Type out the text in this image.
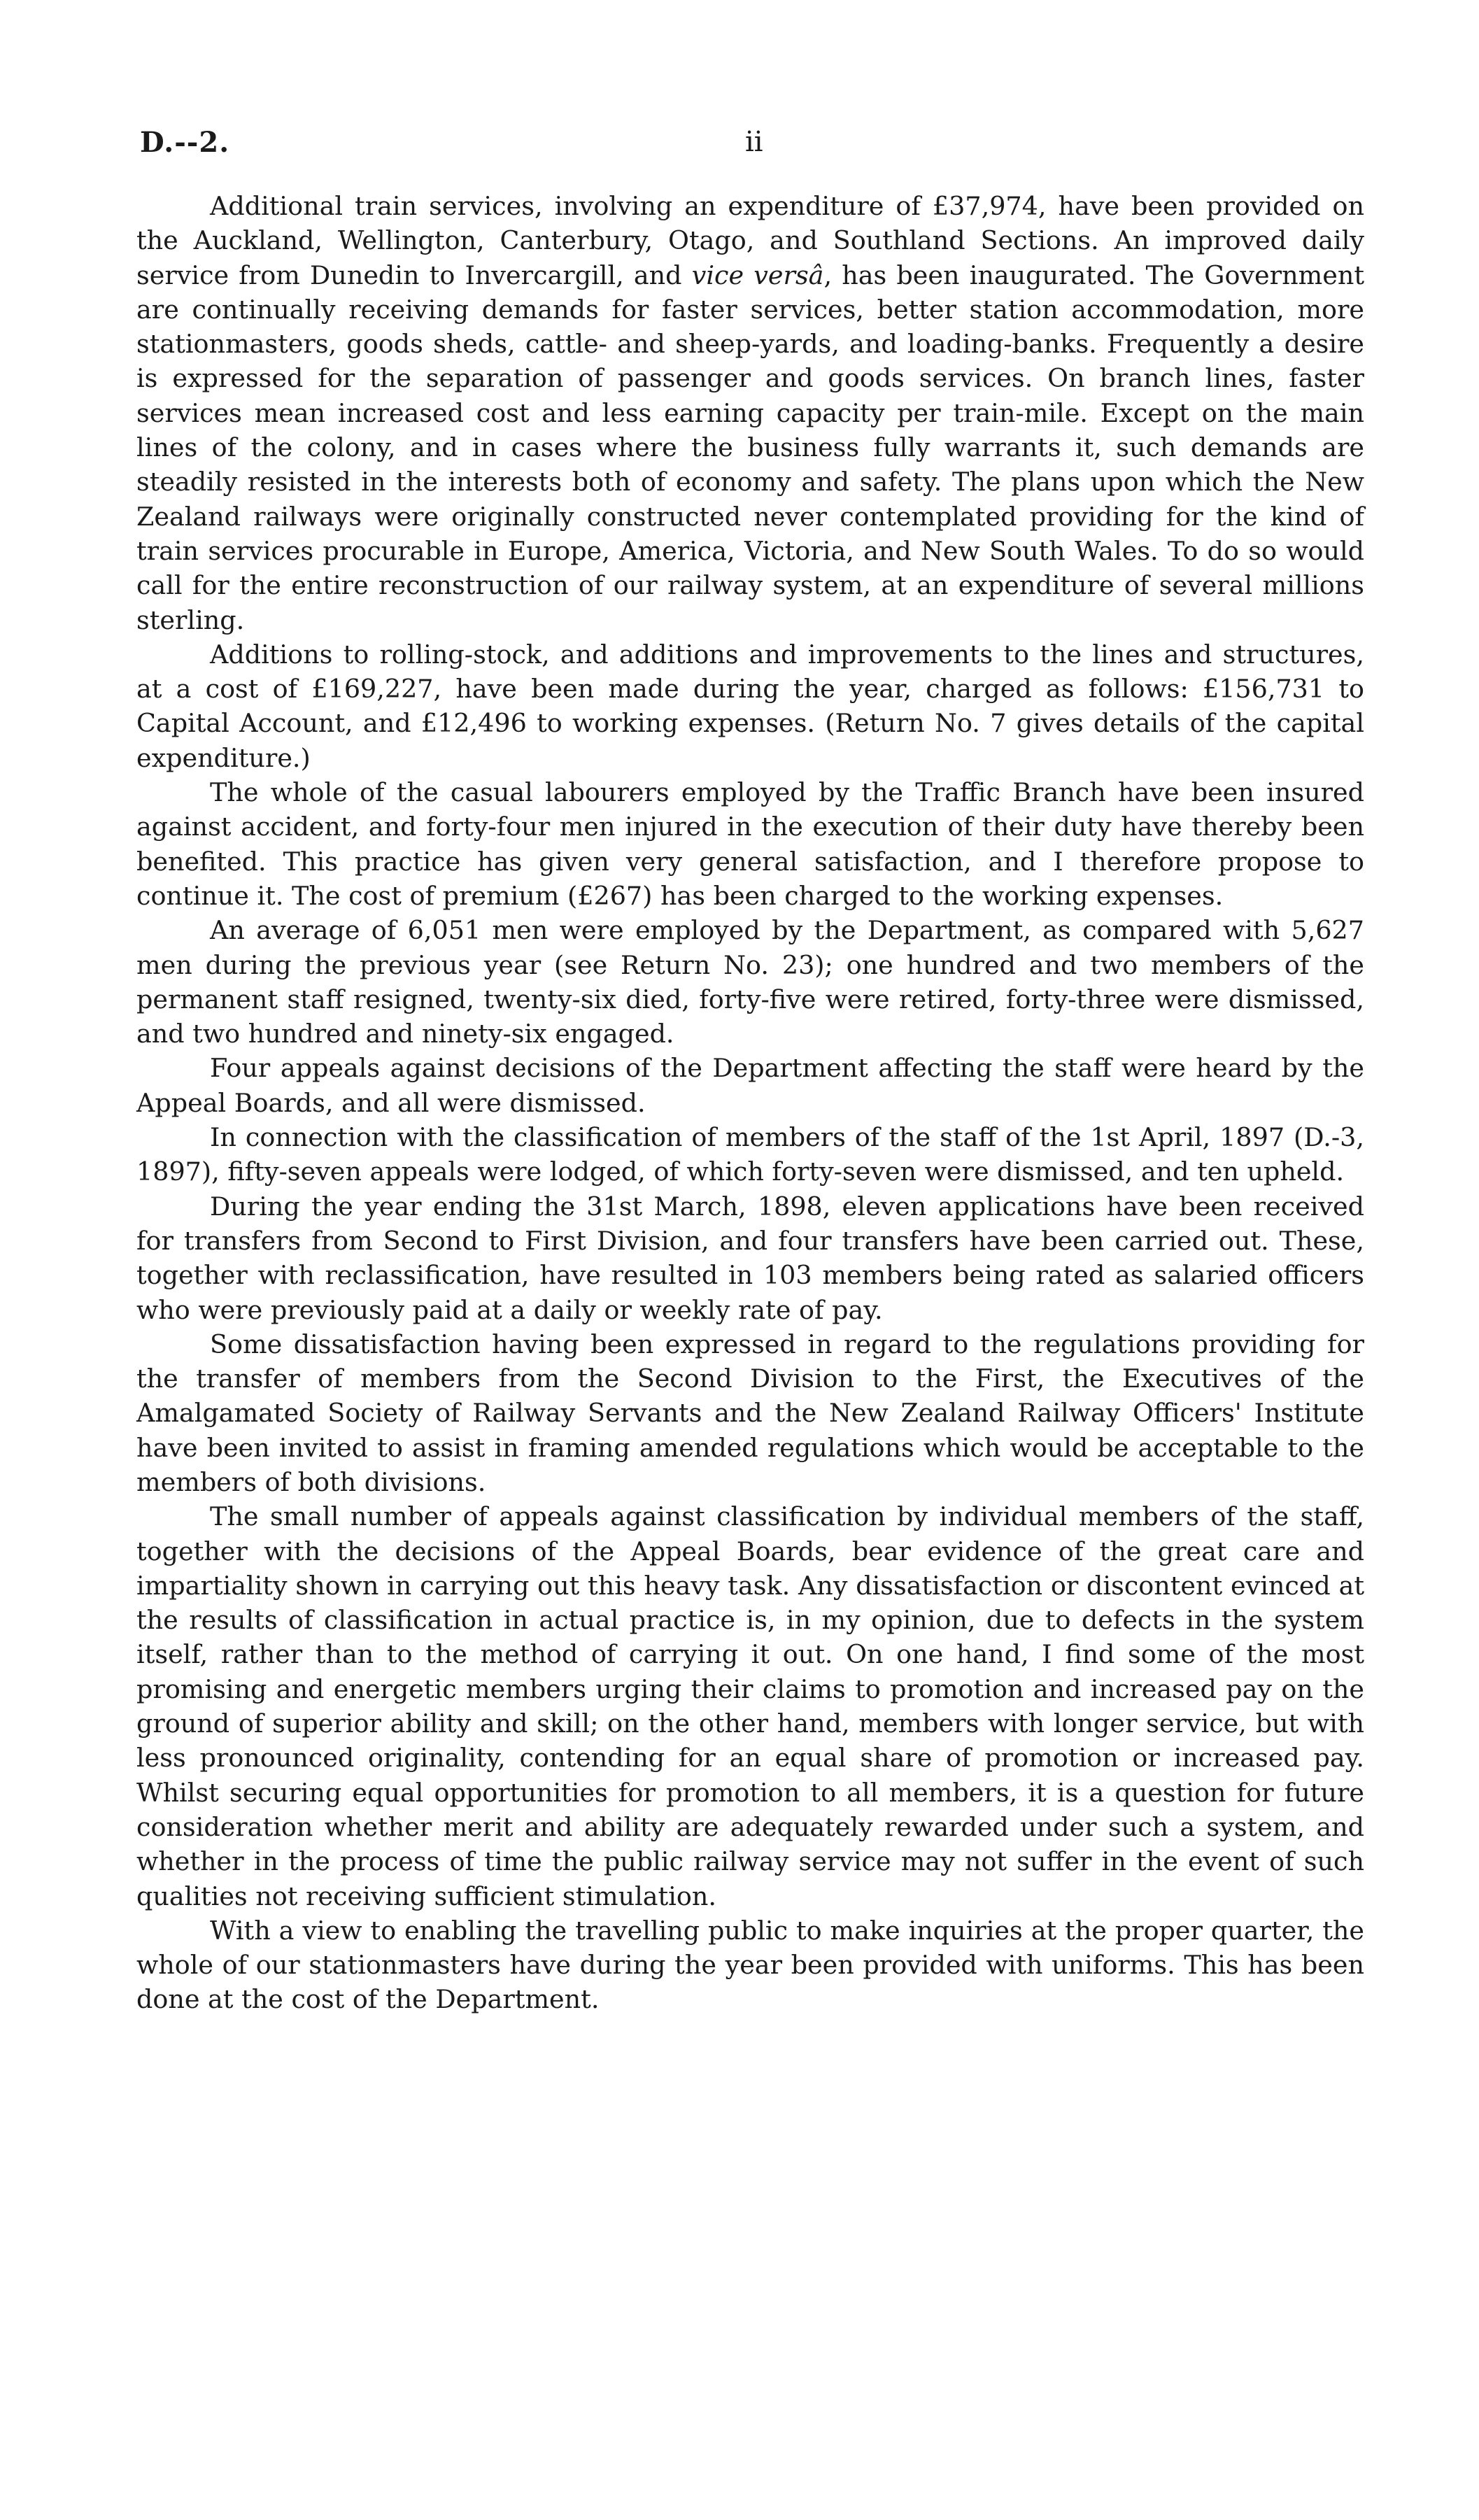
D.--2.	ii

Additional train services, involving an expenditure of £37,974, have been provided on the Auckland, Wellington, Canterbury, Otago, and Southland Sections. An improved daily service from Dunedin to Invercargill, and vice versâ, has been inaugurated. The Government are continually receiving demands for faster services, better station accommodation, more stationmasters, goods sheds, cattle- and sheep-yards, and loading-banks. Frequently a desire is expressed for the separation of passenger and goods services. On branch lines, faster services mean increased cost and less earning capacity per train-mile. Except on the main lines of the colony, and in cases where the business fully warrants it, such demands are steadily resisted in the interests both of economy and safety. The plans upon which the New Zealand railways were originally constructed never contemplated providing for the kind of train services procurable in Europe, America, Victoria, and New South Wales. To do so would call for the entire reconstruction of our railway system, at an expenditure of several millions sterling.

Additions to rolling-stock, and additions and improvements to the lines and structures, at a cost of £169,227, have been made during the year, charged as follows: £156,731 to Capital Account, and £12,496 to working expenses. (Return No. 7 gives details of the capital expenditure.)

The whole of the casual labourers employed by the Traffic Branch have been insured against accident, and forty-four men injured in the execution of their duty have thereby been benefited. This practice has given very general satisfaction, and I therefore propose to continue it. The cost of premium (£267) has been charged to the working expenses.

An average of 6,051 men were employed by the Department, as compared with 5,627 men during the previous year (see Return No. 23); one hundred and two members of the permanent staff resigned, twenty-six died, forty-five were retired, forty-three were dismissed, and two hundred and ninety-six engaged.

Four appeals against decisions of the Department affecting the staff were heard by the Appeal Boards, and all were dismissed.

In connection with the classification of members of the staff of the 1st April, 1897 (D.-3, 1897), fifty-seven appeals were lodged, of which forty-seven were dismissed, and ten upheld.

During the year ending the 31st March, 1898, eleven applications have been received for transfers from Second to First Division, and four transfers have been carried out. These, together with reclassification, have resulted in 103 members being rated as salaried officers who were previously paid at a daily or weekly rate of pay.

Some dissatisfaction having been expressed in regard to the regulations providing for the transfer of members from the Second Division to the First, the Executives of the Amalgamated Society of Railway Servants and the New Zealand Railway Officers' Institute have been invited to assist in framing amended regulations which would be acceptable to the members of both divisions.

The small number of appeals against classification by individual members of the staff, together with the decisions of the Appeal Boards, bear evidence of the great care and impartiality shown in carrying out this heavy task. Any dissatisfaction or discontent evinced at the results of classification in actual practice is, in my opinion, due to defects in the system itself, rather than to the method of carrying it out. On one hand, I find some of the most promising and energetic members urging their claims to promotion and increased pay on the ground of superior ability and skill; on the other hand, members with longer service, but with less pronounced originality, contending for an equal share of promotion or increased pay. Whilst securing equal opportunities for promotion to all members, it is a question for future consideration whether merit and ability are adequately rewarded under such a system, and whether in the process of time the public railway service may not suffer in the event of such qualities not receiving sufficient stimulation.

With a view to enabling the travelling public to make inquiries at the proper quarter, the whole of our stationmasters have during the year been provided with uniforms. This has been done at the cost of the Department.
